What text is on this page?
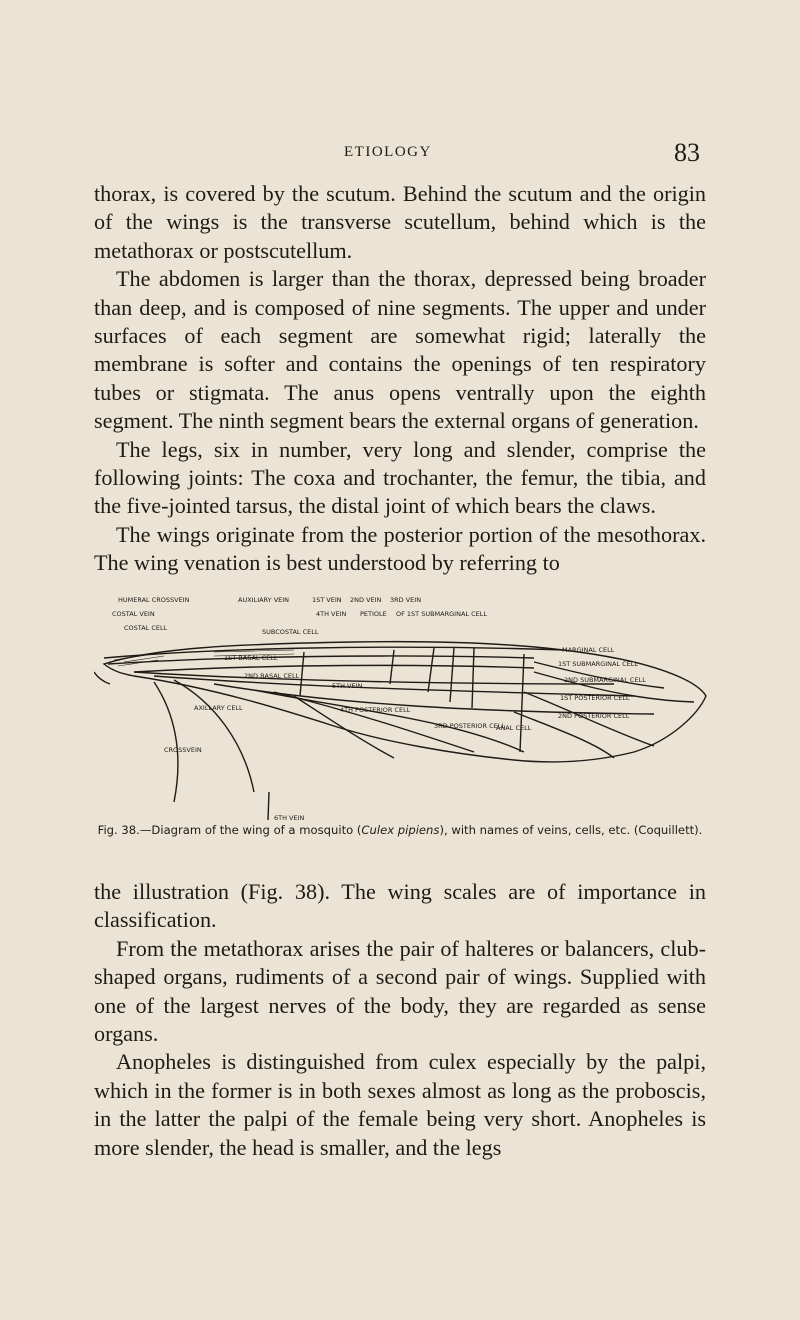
ETIOLOGY	83

thorax, is covered by the scutum. Behind the scutum and the origin of the wings is the transverse scutellum, behind which is the metathorax or postscutellum.

The abdomen is larger than the thorax, depressed being broader than deep, and is composed of nine segments. The upper and under surfaces of each segment are somewhat rigid; laterally the membrane is softer and contains the openings of ten respiratory tubes or stigmata. The anus opens ventrally upon the eighth segment. The ninth segment bears the external organs of generation.

The legs, six in number, very long and slender, comprise the following joints: The coxa and trochanter, the femur, the tibia, and the five-jointed tarsus, the distal joint of which bears the claws.

The wings originate from the posterior portion of the mesothorax. The wing venation is best understood by referring to

HUMERAL CROSSVEIN	AUXILIARY VEIN	1ST VEIN 2ND VEIN 3RD VEIN
4TH VEIN PETIOLE OF 1ST SUBMARGINAL CELL
COSTAL VEIN
COSTAL CELL	SUBCOSTAL CELL
1ST BASAL CELL
2ND BASAL CELL
MARGINAL CELL
1ST SUBMARGINAL CELL
2ND SUBMARGINAL CELL
1ST POSTERIOR CELL
2ND POSTERIOR CELL
3RD POSTERIOR CELL
4TH POSTERIOR CELL
ANAL CELL
AXILLARY CELL
5TH VEIN
6TH VEIN
CROSSVEIN
Fig. 38.—Diagram of the wing of a mosquito (Culex pipiens), with names of veins, cells, etc. (Coquillett).

the illustration (Fig. 38). The wing scales are of importance in classification.

From the metathorax arises the pair of halteres or balancers, club-shaped organs, rudiments of a second pair of wings. Supplied with one of the largest nerves of the body, they are regarded as sense organs.

Anopheles is distinguished from culex especially by the palpi, which in the former is in both sexes almost as long as the proboscis, in the latter the palpi of the female being very short. Anopheles is more slender, the head is smaller, and the legs
